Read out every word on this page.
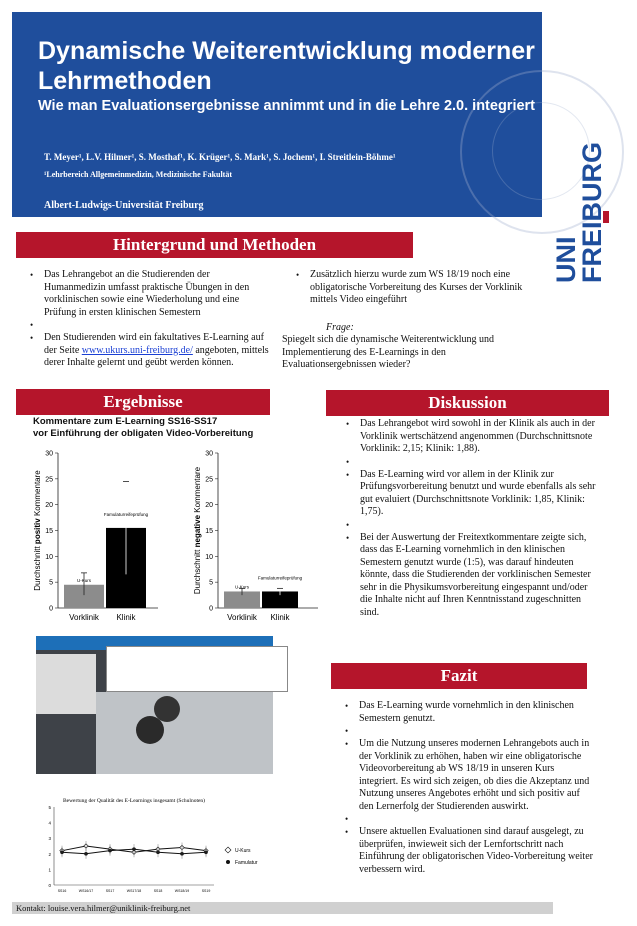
Dynamische Weiterentwicklung moderner Lehrmethoden
Wie man Evaluationsergebnisse annimmt und in die Lehre 2.0. integriert
T. Meyer¹, L.V. Hilmer¹, S. Mosthaf¹, K. Krüger¹, S. Mark¹, S. Jochem¹, I. Streitlein-Böhme¹
¹Lehrbereich Allgemeinmedizin, Medizinische Fakultät
Albert-Ludwigs-Universität Freiburg
UNI
FREIBURG
Hintergrund und Methoden
• Das Lehrangebot an die Studierenden der Humanmedizin umfasst praktische Übungen in den vorklinischen sowie eine Wiederholung und eine Prüfung in ersten klinischen Semestern
•
• Den Studierenden wird ein fakultatives E-Learning auf der Seite www.ukurs.uni-freiburg.de/ angeboten, mittels derer Inhalte gelernt und geübt werden können.
• Zusätzlich hierzu wurde zum WS 18/19 noch eine obligatorische Vorbereitung des Kurses der Vorklinik mittels Video eingeführt
Frage:
Spiegelt sich die dynamische Weiterentwicklung und Implementierung des E-Learnings in den Evaluationsergebnissen wieder?
Ergebnisse
Kommentare zum E-Learning SS16-SS17
vor Einführung der obligaten Video-Vorbereitung
0
5
10
15
20
25
30
Durchschnitt positiv Kommentare
U-Kurs
Vorklinik
Famulaturreifeprüfung
Klinik
0
5
10
15
20
25
30
Durchschnitt negative Kommentare
U-Kurs
Vorklinik
Famulaturreifeprüfung
Klinik
Bewertung der Qualität des E-Learnings insgesamt (Schulnoten)
0
1
2
3
4
5
SS16	WS16/17	SS17	WS17/18	SS18	WS18/19	SS19
U-Kurs
Famulatur
Diskussion
• Das Lehrangebot wird sowohl in der Klinik als auch in der Vorklinik wertschätzend angenommen (Durchschnittsnote Vorklinik: 2,15; Klinik: 1,88).
•
• Das E-Learning wird vor allem in der Klinik zur Prüfungsvorbereitung benutzt und wurde ebenfalls als sehr gut evaluiert (Durchschnittsnote Vorklinik: 1,85, Klinik: 1,75).
•
• Bei der Auswertung der Freitextkommentare zeigte sich, dass das E-Learning vornehmlich in den klinischen Semestern genutzt wurde (1:5), was darauf hindeuten könnte, dass die Studierenden der vorklinischen Semester sehr in die Physikumsvorbereitung eingespannt und/oder die Inhalte nicht auf Ihren Kenntnisstand zugeschnitten sind.
Fazit
• Das E-Learning wurde vornehmlich in den klinischen Semestern genutzt.
•
• Um die Nutzung unseres modernen Lehrangebots auch in der Vorklinik zu erhöhen, haben wir eine obligatorische Videovorbereitung ab WS 18/19 in unseren Kurs integriert. Es wird sich zeigen, ob dies die Akzeptanz und Nutzung unseres Angebotes erhöht und sich positiv auf den Lernerfolg der Studierenden auswirkt.
•
• Unsere aktuellen Evaluationen sind darauf ausgelegt, zu überprüfen, inwieweit sich der Lernfortschritt nach Einführung der obligatorischen Video-Vorbereitung weiter verbessern wird.
Kontakt: louise.vera.hilmer@uniklinik-freiburg.net
